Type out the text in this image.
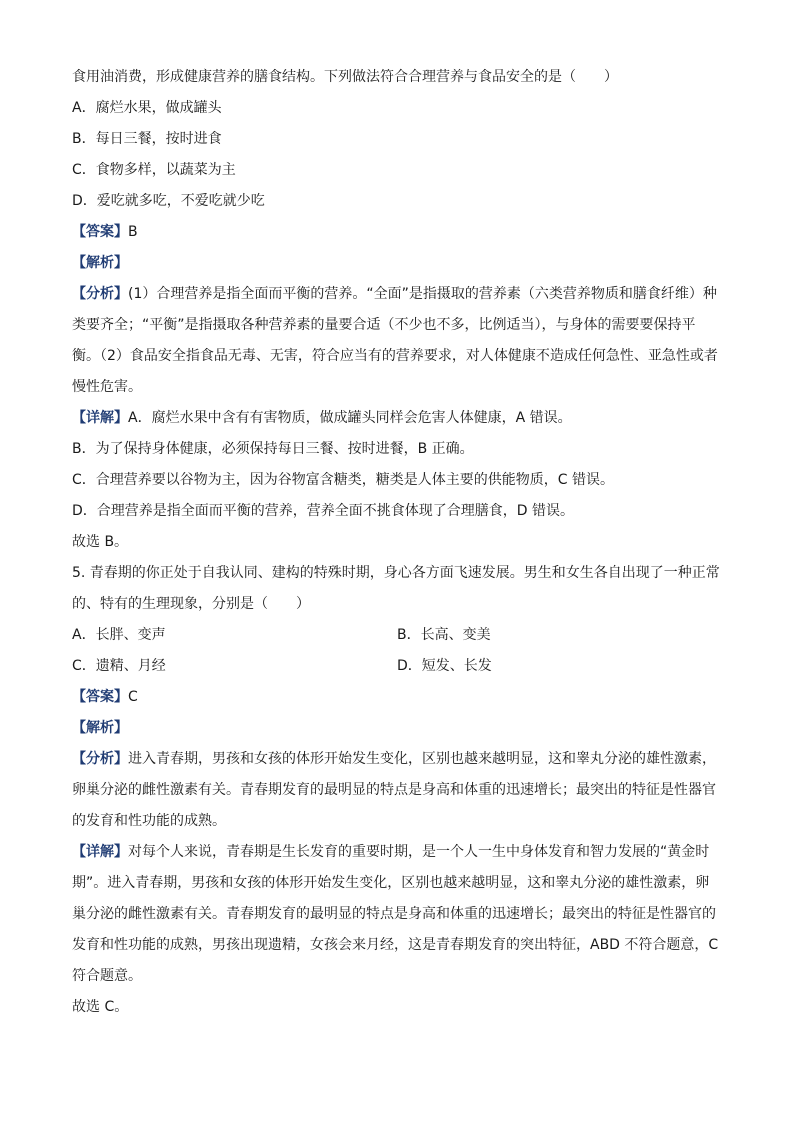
食用油消费，形成健康营养的膳食结构。下列做法符合合理营养与食品安全的是（　　）
A．腐烂水果，做成罐头
B．每日三餐，按时进食
C．食物多样，以蔬菜为主
D．爱吃就多吃，不爱吃就少吃
【答案】B
【解析】
【分析】(1）合理营养是指全面而平衡的营养。“全面”是指摄取的营养素（六类营养物质和膳食纤维）种类要齐全；“平衡”是指摄取各种营养素的量要合适（不少也不多，比例适当），与身体的需要要保持平衡。（2）食品安全指食品无毒、无害，符合应当有的营养要求，对人体健康不造成任何急性、亚急性或者慢性危害。
【详解】A．腐烂水果中含有有害物质，做成罐头同样会危害人体健康，A 错误。
B．为了保持身体健康，必须保持每日三餐、按时进餐，B 正确。
C．合理营养要以谷物为主，因为谷物富含糖类，糖类是人体主要的供能物质，C 错误。
D．合理营养是指全面而平衡的营养，营养全面不挑食体现了合理膳食，D 错误。
故选 B。
5. 青春期的你正处于自我认同、建构的特殊时期，身心各方面飞速发展。男生和女生各自出现了一种正常的、特有的生理现象，分别是（　　）
A．长胖、变声	B．长高、变美
C．遗精、月经	D．短发、长发
【答案】C
【解析】
【分析】进入青春期，男孩和女孩的体形开始发生变化，区别也越来越明显，这和睾丸分泌的雄性激素，卵巢分泌的雌性激素有关。青春期发育的最明显的特点是身高和体重的迅速增长；最突出的特征是性器官的发育和性功能的成熟。
【详解】对每个人来说，青春期是生长发育的重要时期，是一个人一生中身体发育和智力发展的“黄金时期”。进入青春期，男孩和女孩的体形开始发生变化，区别也越来越明显，这和睾丸分泌的雄性激素，卵巢分泌的雌性激素有关。青春期发育的最明显的特点是身高和体重的迅速增长；最突出的特征是性器官的发育和性功能的成熟，男孩出现遗精，女孩会来月经，这是青春期发育的突出特征，ABD 不符合题意，C 符合题意。
故选 C。
